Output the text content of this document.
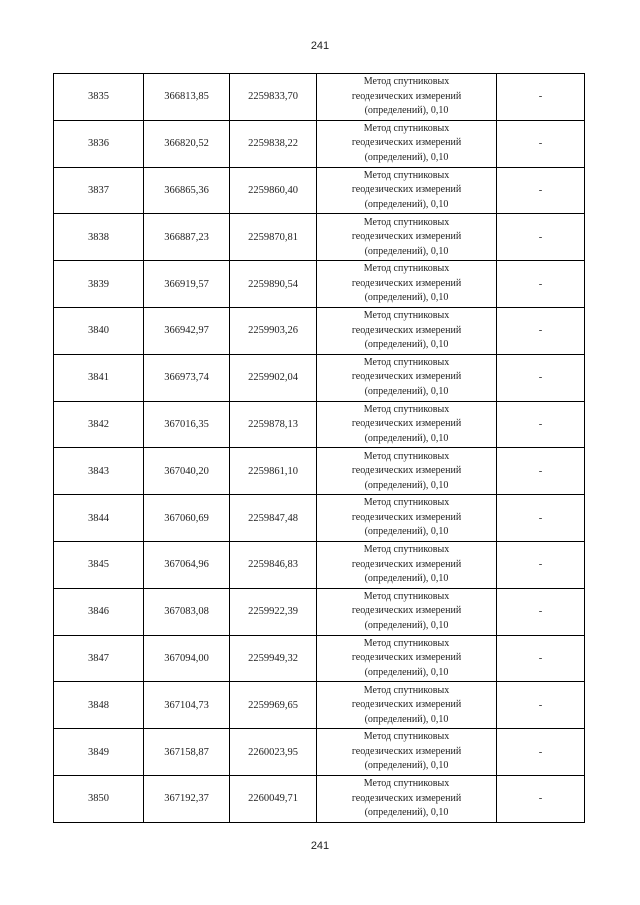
241
3835	366813,85	2259833,70	Метод спутниковых
геодезических измерений
(определений), 0,10	-
3836	366820,52	2259838,22	Метод спутниковых
геодезических измерений
(определений), 0,10	-
3837	366865,36	2259860,40	Метод спутниковых
геодезических измерений
(определений), 0,10	-
3838	366887,23	2259870,81	Метод спутниковых
геодезических измерений
(определений), 0,10	-
3839	366919,57	2259890,54	Метод спутниковых
геодезических измерений
(определений), 0,10	-
3840	366942,97	2259903,26	Метод спутниковых
геодезических измерений
(определений), 0,10	-
3841	366973,74	2259902,04	Метод спутниковых
геодезических измерений
(определений), 0,10	-
3842	367016,35	2259878,13	Метод спутниковых
геодезических измерений
(определений), 0,10	-
3843	367040,20	2259861,10	Метод спутниковых
геодезических измерений
(определений), 0,10	-
3844	367060,69	2259847,48	Метод спутниковых
геодезических измерений
(определений), 0,10	-
3845	367064,96	2259846,83	Метод спутниковых
геодезических измерений
(определений), 0,10	-
3846	367083,08	2259922,39	Метод спутниковых
геодезических измерений
(определений), 0,10	-
3847	367094,00	2259949,32	Метод спутниковых
геодезических измерений
(определений), 0,10	-
3848	367104,73	2259969,65	Метод спутниковых
геодезических измерений
(определений), 0,10	-
3849	367158,87	2260023,95	Метод спутниковых
геодезических измерений
(определений), 0,10	-
3850	367192,37	2260049,71	Метод спутниковых
геодезических измерений
(определений), 0,10	-
241
